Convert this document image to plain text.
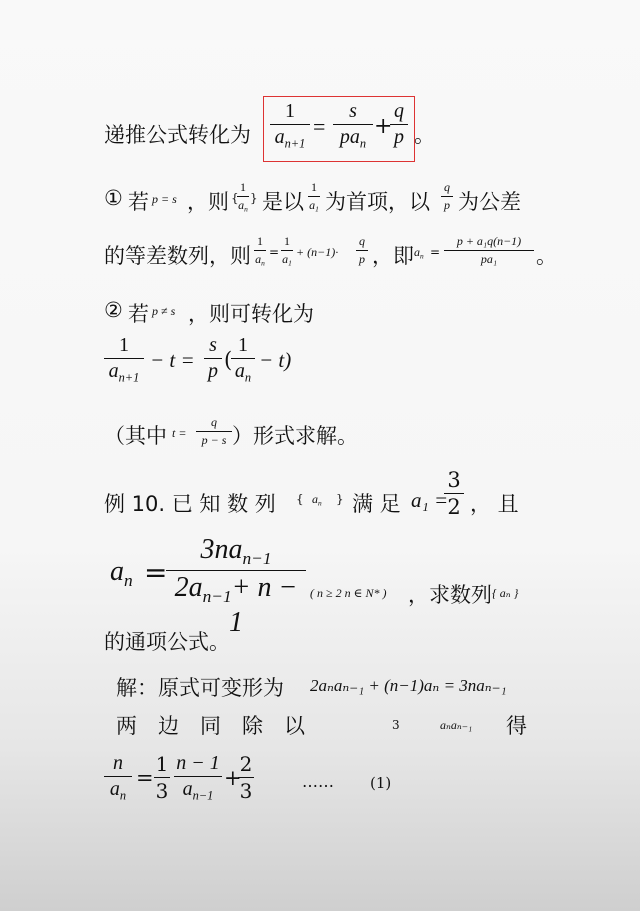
递推公式转化为
1
$a_{n+1}$
=
s
$pa_n$
+
q
p 。
① 若 p = s ，则 {
1
$a_n$
} 是以
1
$a_1$ 为首项，以
q
p 为公差
的等差数列，则
1
$a_n$
=
1
$a_1$
+ (n−1)·
q
p ，即 $a_n$ =
p + a₁q(n−1)
pa₁	。
② 若 p ≠ s ，则可转化为
1
$a_{n+1}$
− t =
s
p (
1
$a_n$
− t)
（其中 t =
q
p − s ）形式求解。
例 10. 已 知 数 列 { $a_n$ } 满 足 a₁ =
3
2 ， 且
$a_n$ =
$3na_{n-1}$
$2a_{n-1}+ n - 1$
( n ≥ 2 n ∈ N* ) ，求数列 { aₙ }
的通项公式。
解：原式可变形为 2aₙaₙ₋₁ + (n−1)aₙ = 3naₙ₋₁
两　边　同　除　以	3	aₙaₙ₋₁ 得
n
$a_n$
=
1
3
n − 1
$a_{n-1}$
+
2
3	…… (1)
